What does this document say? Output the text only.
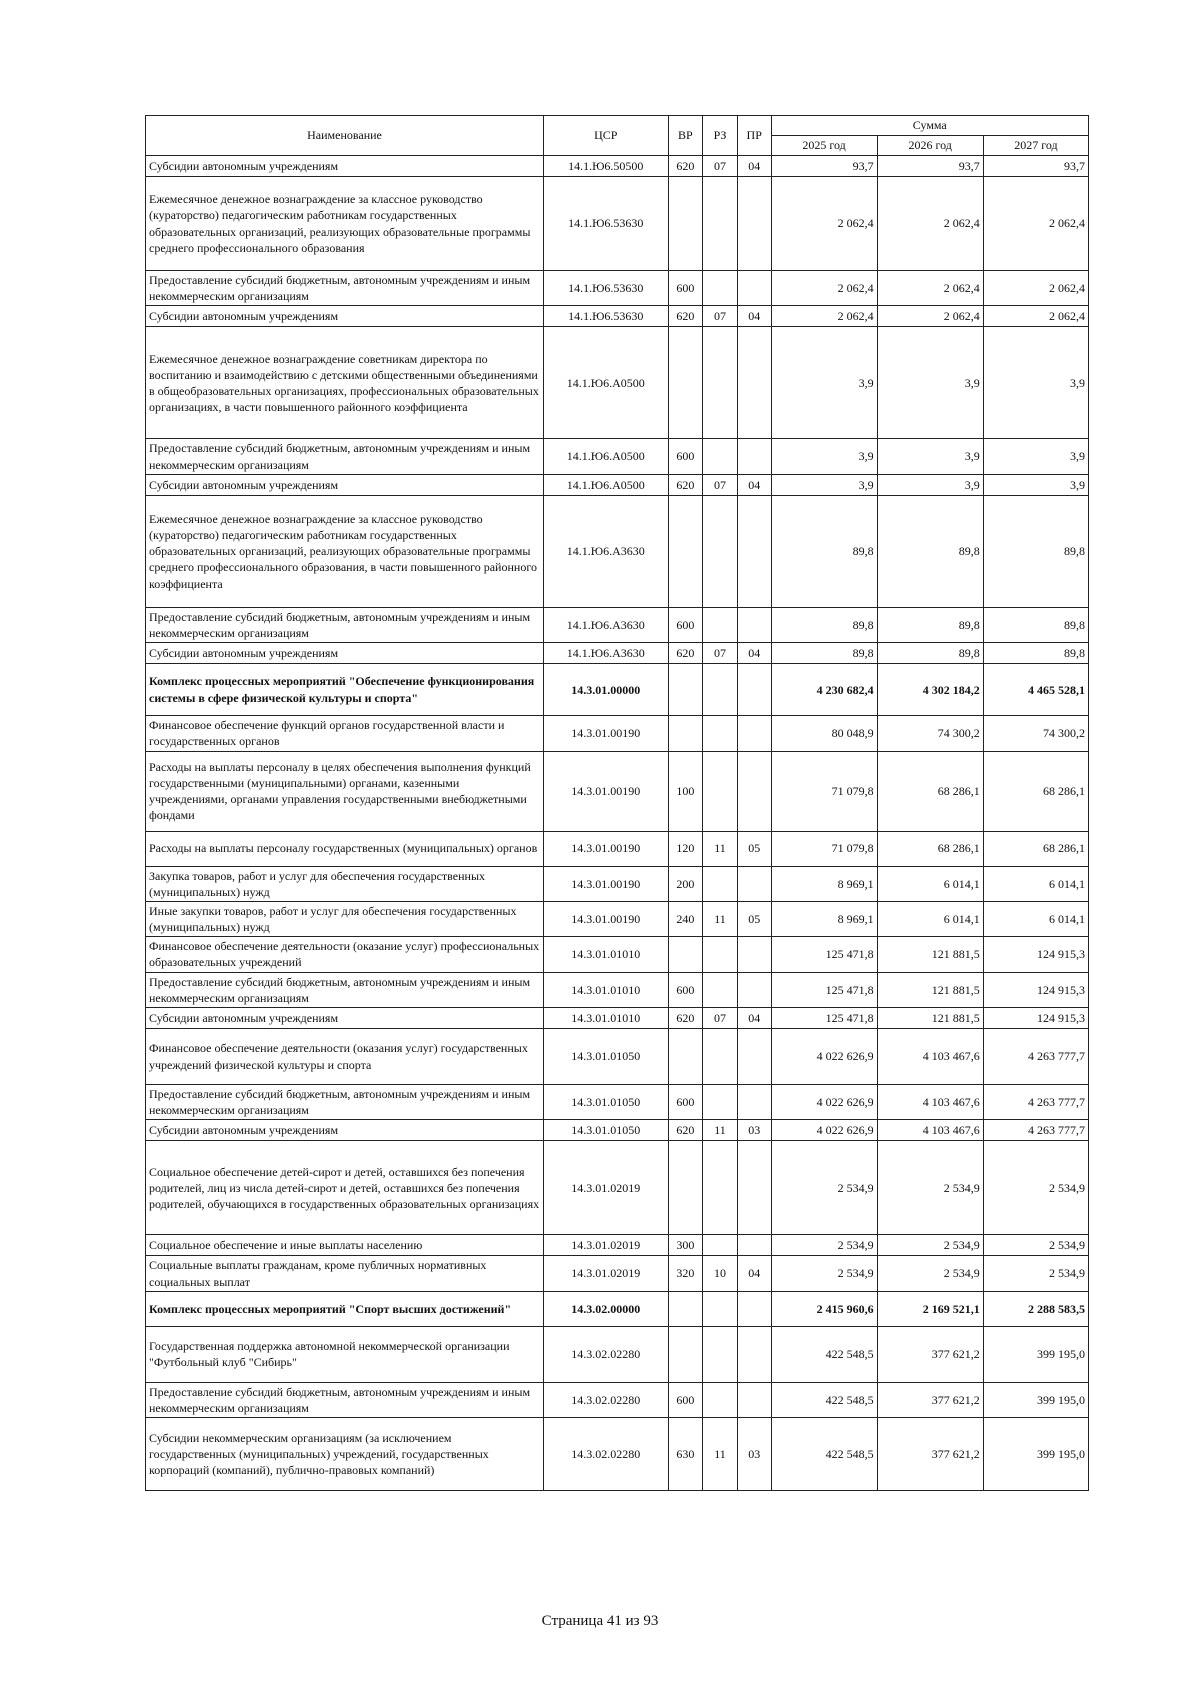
Наименование	ЦСР	ВР	РЗ	ПР	Сумма		
					2025 год	2026 год	2027 год
Субсидии автономным учреждениям	14.1.Ю6.50500	620	07	04	93,7	93,7	93,7
Ежемесячное денежное вознаграждение за классное руководство (кураторство) педагогическим работникам государственных образовательных организаций, реализующих образовательные программы среднего профессионального образования	14.1.Ю6.53630				2 062,4	2 062,4	2 062,4
Предоставление субсидий бюджетным, автономным учреждениям и иным некоммерческим организациям	14.1.Ю6.53630	600			2 062,4	2 062,4	2 062,4
Субсидии автономным учреждениям	14.1.Ю6.53630	620	07	04	2 062,4	2 062,4	2 062,4
Ежемесячное денежное вознаграждение советникам директора по воспитанию и взаимодействию с детскими общественными объединениями в общеобразовательных организациях, профессиональных образовательных организациях, в части повышенного районного коэффициента	14.1.Ю6.А0500				3,9	3,9	3,9
Предоставление субсидий бюджетным, автономным учреждениям и иным некоммерческим организациям	14.1.Ю6.А0500	600			3,9	3,9	3,9
Субсидии автономным учреждениям	14.1.Ю6.А0500	620	07	04	3,9	3,9	3,9
Ежемесячное денежное вознаграждение за классное руководство (кураторство) педагогическим работникам государственных образовательных организаций, реализующих образовательные программы среднего профессионального образования, в части повышенного районного коэффициента	14.1.Ю6.А3630				89,8	89,8	89,8
Предоставление субсидий бюджетным, автономным учреждениям и иным некоммерческим организациям	14.1.Ю6.А3630	600			89,8	89,8	89,8
Субсидии автономным учреждениям	14.1.Ю6.А3630	620	07	04	89,8	89,8	89,8
Комплекс процессных мероприятий "Обеспечение функционирования системы в сфере физической культуры и спорта"	14.3.01.00000				4 230 682,4	4 302 184,2	4 465 528,1
Финансовое обеспечение функций органов государственной власти и государственных органов	14.3.01.00190				80 048,9	74 300,2	74 300,2
Расходы на выплаты персоналу в целях обеспечения выполнения функций государственными (муниципальными) органами, казенными учреждениями, органами управления государственными внебюджетными фондами	14.3.01.00190	100			71 079,8	68 286,1	68 286,1
Расходы на выплаты персоналу государственных (муниципальных) органов	14.3.01.00190	120	11	05	71 079,8	68 286,1	68 286,1
Закупка товаров, работ и услуг для обеспечения государственных (муниципальных) нужд	14.3.01.00190	200			8 969,1	6 014,1	6 014,1
Иные закупки товаров, работ и услуг для обеспечения государственных (муниципальных) нужд	14.3.01.00190	240	11	05	8 969,1	6 014,1	6 014,1
Финансовое обеспечение деятельности (оказание услуг) профессиональных образовательных учреждений	14.3.01.01010				125 471,8	121 881,5	124 915,3
Предоставление субсидий бюджетным, автономным учреждениям и иным некоммерческим организациям	14.3.01.01010	600			125 471,8	121 881,5	124 915,3
Субсидии автономным учреждениям	14.3.01.01010	620	07	04	125 471,8	121 881,5	124 915,3
Финансовое обеспечение деятельности (оказания услуг) государственных учреждений физической культуры и спорта	14.3.01.01050				4 022 626,9	4 103 467,6	4 263 777,7
Предоставление субсидий бюджетным, автономным учреждениям и иным некоммерческим организациям	14.3.01.01050	600			4 022 626,9	4 103 467,6	4 263 777,7
Субсидии автономным учреждениям	14.3.01.01050	620	11	03	4 022 626,9	4 103 467,6	4 263 777,7
Социальное обеспечение детей-сирот и детей, оставшихся без попечения родителей, лиц из числа детей-сирот и детей, оставшихся без попечения родителей, обучающихся в государственных образовательных организациях	14.3.01.02019				2 534,9	2 534,9	2 534,9
Социальное обеспечение и иные выплаты населению	14.3.01.02019	300			2 534,9	2 534,9	2 534,9
Социальные выплаты гражданам, кроме публичных нормативных социальных выплат	14.3.01.02019	320	10	04	2 534,9	2 534,9	2 534,9
Комплекс процессных мероприятий "Спорт высших достижений"	14.3.02.00000				2 415 960,6	2 169 521,1	2 288 583,5
Государственная поддержка автономной некоммерческой организации "Футбольный клуб "Сибирь"	14.3.02.02280				422 548,5	377 621,2	399 195,0
Предоставление субсидий бюджетным, автономным учреждениям и иным некоммерческим организациям	14.3.02.02280	600			422 548,5	377 621,2	399 195,0
Субсидии некоммерческим организациям (за исключением государственных (муниципальных) учреждений, государственных корпораций (компаний), публично-правовых компаний)	14.3.02.02280	630	11	03	422 548,5	377 621,2	399 195,0
Страница 41 из 93
